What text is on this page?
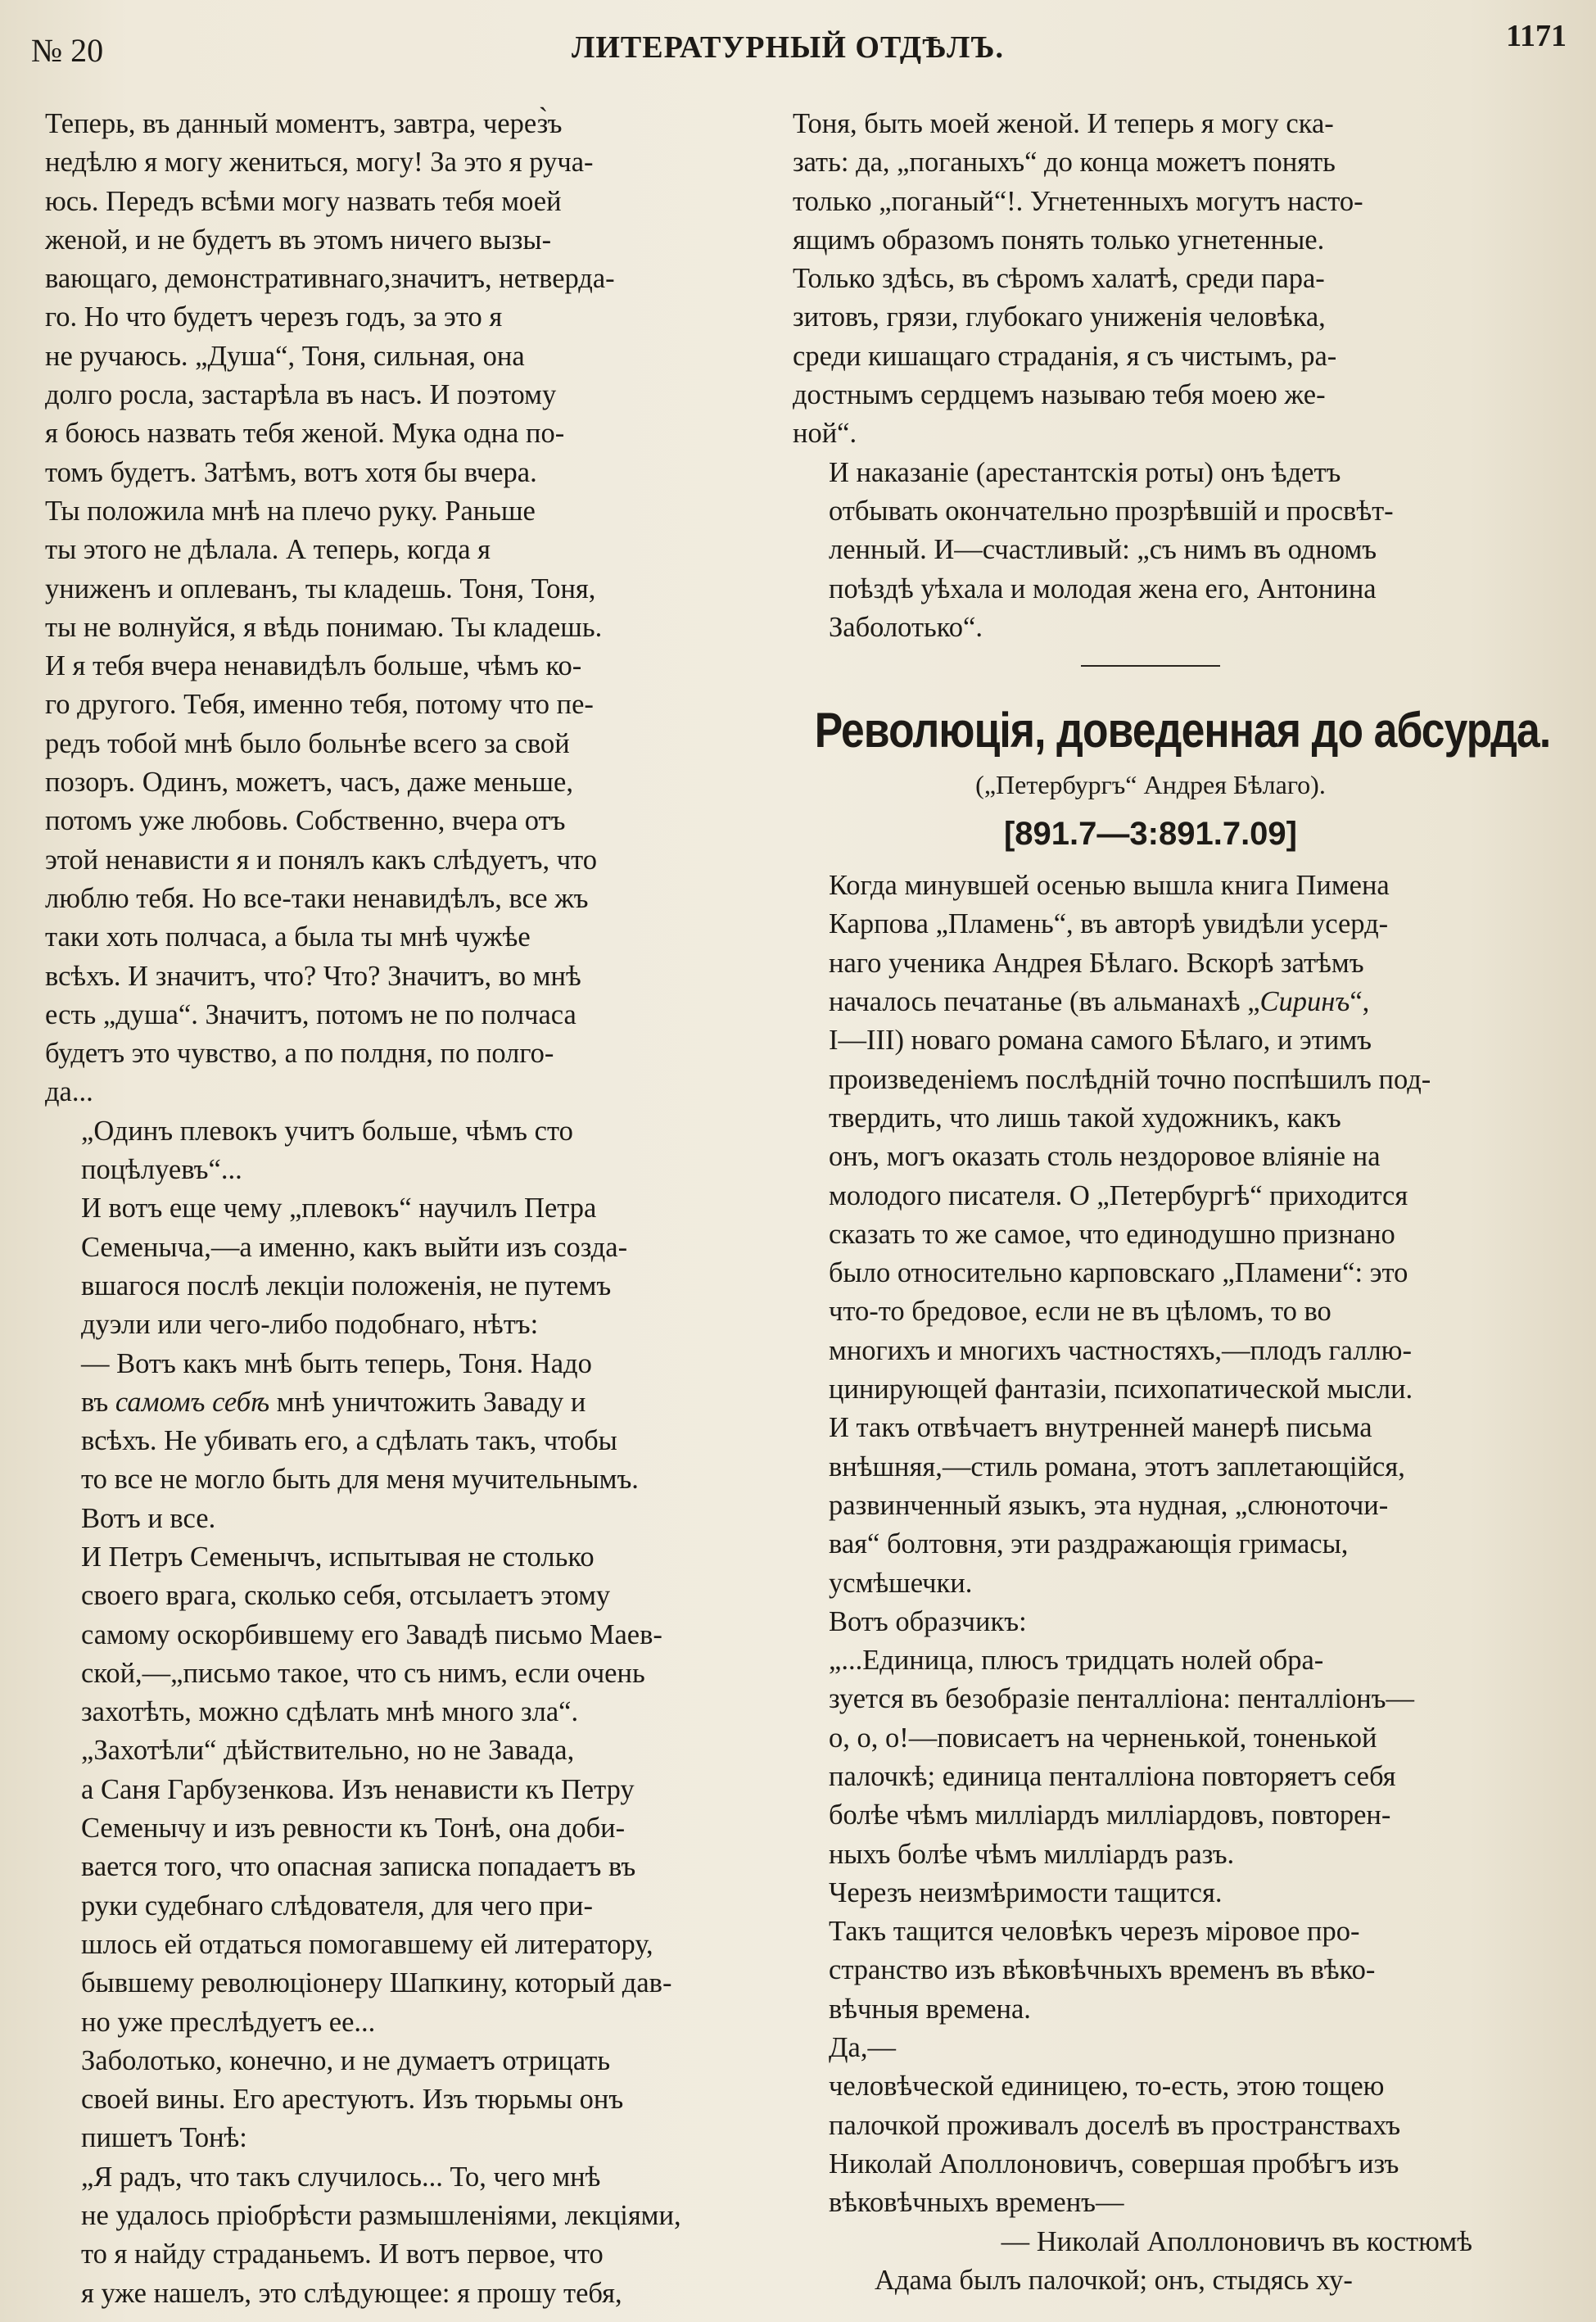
№ 20	ЛИТЕРАТУРНЫЙ ОТДѢЛЪ.	1171

Теперь, въ данный моментъ, завтра, через̀ъ
недѣлю я могу жениться, могу! За это я руча-
юсь. Передъ всѣми могу назвать тебя моей
женой, и не будетъ въ этомъ ничего вызы-
вающаго, демонстративнаго,значитъ, нетверда-
го. Но что будетъ черезъ годъ, за это я
не ручаюсь. „Душа“, Тоня, сильная, она
долго росла, застарѣла въ насъ. И поэтому
я боюсь назвать тебя женой. Мука одна по-
томъ будетъ. Затѣмъ, вотъ хотя бы вчера.
Ты положила мнѣ на плечо руку. Раньше
ты этого не дѣлала. А теперь, когда я
униженъ и оплеванъ, ты кладешь. Тоня, Тоня,
ты не волнуйся, я вѣдь понимаю. Ты кладешь.
И я тебя вчера ненавидѣлъ больше, чѣмъ ко-
го другого. Тебя, именно тебя, потому что пе-
редъ тобой мнѣ было больнѣе всего за свой
позоръ. Одинъ, можетъ, часъ, даже меньше,
потомъ уже любовь. Собственно, вчера отъ
этой ненависти я и понялъ какъ слѣдуетъ, что
люблю тебя. Но все-таки ненавидѣлъ, все жъ
таки хоть полчаса, а была ты мнѣ чужѣе
всѣхъ. И значитъ, что? Что? Значитъ, во мнѣ
есть „душа“. Значитъ, потомъ не по полчаса
будетъ это чувство, а по полдня, по полго-
да...

„Одинъ плевокъ учитъ больше, чѣмъ сто
поцѣлуевъ“...

И вотъ еще чему „плевокъ“ научилъ Петра
Семеныча,—а именно, какъ выйти изъ созда-
вшагося послѣ лекціи положенія, не путемъ
дуэли или чего-либо подобнаго, нѣтъ:

— Вотъ какъ мнѣ быть теперь, Тоня. Надо
въ самомъ себѣ мнѣ уничтожить Заваду и
всѣхъ. Не убивать его, а сдѣлать такъ, чтобы
то все не могло быть для меня мучительнымъ.
Вотъ и все.

И Петръ Семенычъ, испытывая не столько
своего врага, сколько себя, отсылаетъ этому
самому оскорбившему его Завадѣ письмо Маев-
ской,—„письмо такое, что съ нимъ, если очень
захотѣть, можно сдѣлать мнѣ много зла“.

„Захотѣли“ дѣйствительно, но не Завада,
а Саня Гарбузенкова. Изъ ненависти къ Петру
Семенычу и изъ ревности къ Тонѣ, она доби-
вается того, что опасная записка попадаетъ въ
руки судебнаго слѣдователя, для чего при-
шлось ей отдаться помогавшему ей литератору,
бывшему революціонеру Шапкину, который дав-
но уже преслѣдуетъ ее...

Заболотько, конечно, и не думаетъ отрицать
своей вины. Его арестуютъ. Изъ тюрьмы онъ
пишетъ Тонѣ:

„Я радъ, что такъ случилось... То, чего мнѣ
не удалось пріобрѣсти размышленіями, лекціями,
то я найду страданьемъ. И вотъ первое, что
я уже нашелъ, это слѣдующее: я прошу тебя,

Тоня, быть моей женой. И теперь я могу ска-
зать: да, „поганыхъ“ до конца можетъ понять
только „поганый“!. Угнетенныхъ могутъ насто-
ящимъ образомъ понять только угнетенные.
Только здѣсь, въ сѣромъ халатѣ, среди пара-
зитовъ, грязи, глубокаго униженія человѣка,
среди кишащаго страданія, я съ чистымъ, ра-
достнымъ сердцемъ называю тебя моею же-
ной“.

И наказаніе (арестантскія роты) онъ ѣдетъ
отбывать окончательно прозрѣвшій и просвѣт-
ленный. И—счастливый: „съ нимъ въ одномъ
поѣздѣ уѣхала и молодая жена его, Антонина
Заболотько“.

Революція, доведенная до абсурда.
(„Петербургъ“ Андрея Бѣлаго).
[891.7—3:891.7.09]

Когда минувшей осенью вышла книга Пимена
Карпова „Пламень“, въ авторѣ увидѣли усерд-
наго ученика Андрея Бѣлаго. Вскорѣ затѣмъ
началось печатанье (въ альманахѣ „Сиринъ“,
I—III) новаго романа самого Бѣлаго, и этимъ
произведеніемъ послѣдній точно поспѣшилъ под-
твердить, что лишь такой художникъ, какъ
онъ, могъ оказать столь нездоровое вліяніе на
молодого писателя. О „Петербургѣ“ приходится
сказать то же самое, что единодушно признано
было относительно карповскаго „Пламени“: это
что-то бредовое, если не въ цѣломъ, то во
многихъ и многихъ частностяхъ,—плодъ галлю-
цинирующей фантазіи, психопатической мысли.
И такъ отвѣчаетъ внутренней манерѣ письма
внѣшняя,—стиль романа, этотъ заплетающійся,
развинченный языкъ, эта нудная, „слюноточи-
вая“ болтовня, эти раздражающія гримасы,
усмѣшечки.

Вотъ образчикъ:

„...Единица, плюсъ тридцать нолей обра-
зуется въ безобразіе пенталліона: пенталліонъ—
о, о, о!—повисаетъ на черненькой, тоненькой
палочкѣ; единица пенталліона повторяетъ себя
болѣе чѣмъ милліардъ милліардовъ, повторен-
ныхъ болѣе чѣмъ милліардъ разъ.

Черезъ неизмѣримости тащится.

Такъ тащится человѣкъ черезъ міровое про-
странство изъ вѣковѣчныхъ временъ въ вѣко-
вѣчныя времена.

Да,—

человѣческой единицею, то-есть, этою тощею
палочкой проживалъ доселѣ въ пространствахъ
Николай Аполлоновичъ, совершая пробѣгъ изъ
вѣковѣчныхъ временъ—

— Николай Аполлоновичъ въ костюмѣ
Адама былъ палочкой; онъ, стыдясь ху-
